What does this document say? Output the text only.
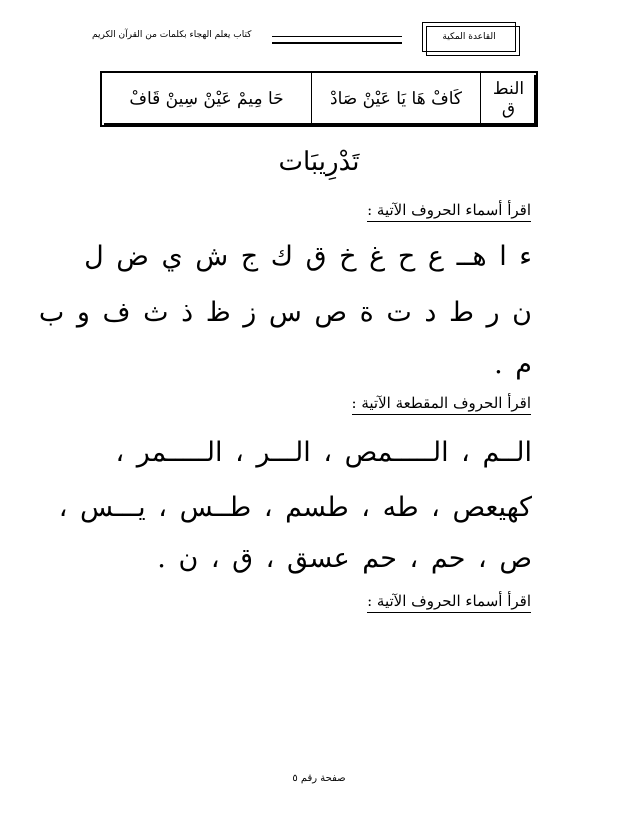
كتاب يعلم الهجاء بكلمات من القرآن الكريم	القاعدة المكية
النط
ق
كَافْ هَا يَا عَيْنْ صَادْ
حَا مِيمْ عَيْنْ سِينْ قَافْ
تَدْرِيبَات
اقرأ أسماء الحروف الآتية :
ء ا هــ ع ح غ خ ق ك ج ش ي ض ل
ن ر ط د ت ة ص س ز ظ ذ ث ف و ب
م .
اقرأ الحروف المقطعة الآتية :
الــم ، الـــــمص ، الـــر ، الـــــمر ،
كهيعص ، طه ، طسم ، طــس ، يـــس ،
ص ، حم ، حم عسق ، ق ، ن .
اقرأ أسماء الحروف الآتية :
صفحة رقم ٥
